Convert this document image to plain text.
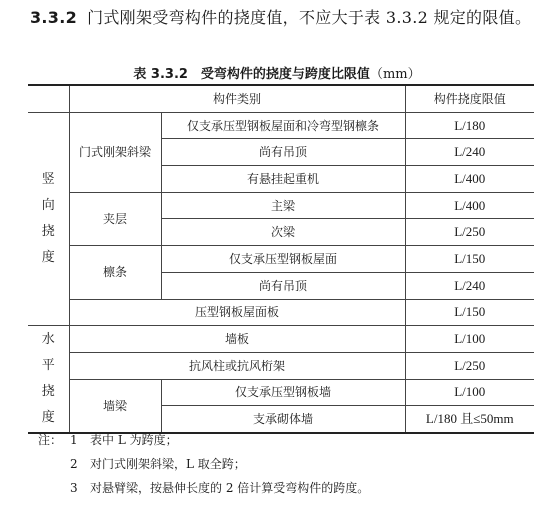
3.3.2 门式刚架受弯构件的挠度值，不应大于表 3.3.2 规定的限值。
表 3.3.2　受弯构件的挠度与跨度比限值（mm）
	构件类别		构件挠度限值

竖
向
挠
度	门式刚架斜梁	仅支承压型钢板屋面和冷弯型钢檩条	L/180
		尚有吊顶	L/240
		有悬挂起重机	L/400
	夹层	主梁	L/400
		次梁	L/250
	檩条	仅支承压型钢板屋面	L/150
		尚有吊顶	L/240
	压型钢板屋面板		L/150

水
平
挠
度	墙板		L/100
	抗风柱或抗风桁架		L/250
	墙梁	仅支承压型钢板墙	L/100
		支承砌体墙	L/180 且≤50mm
注： 1	表中 L 为跨度；
2	对门式刚架斜梁，L 取全跨；
3	对悬臂梁，按悬伸长度的 2 倍计算受弯构件的跨度。
